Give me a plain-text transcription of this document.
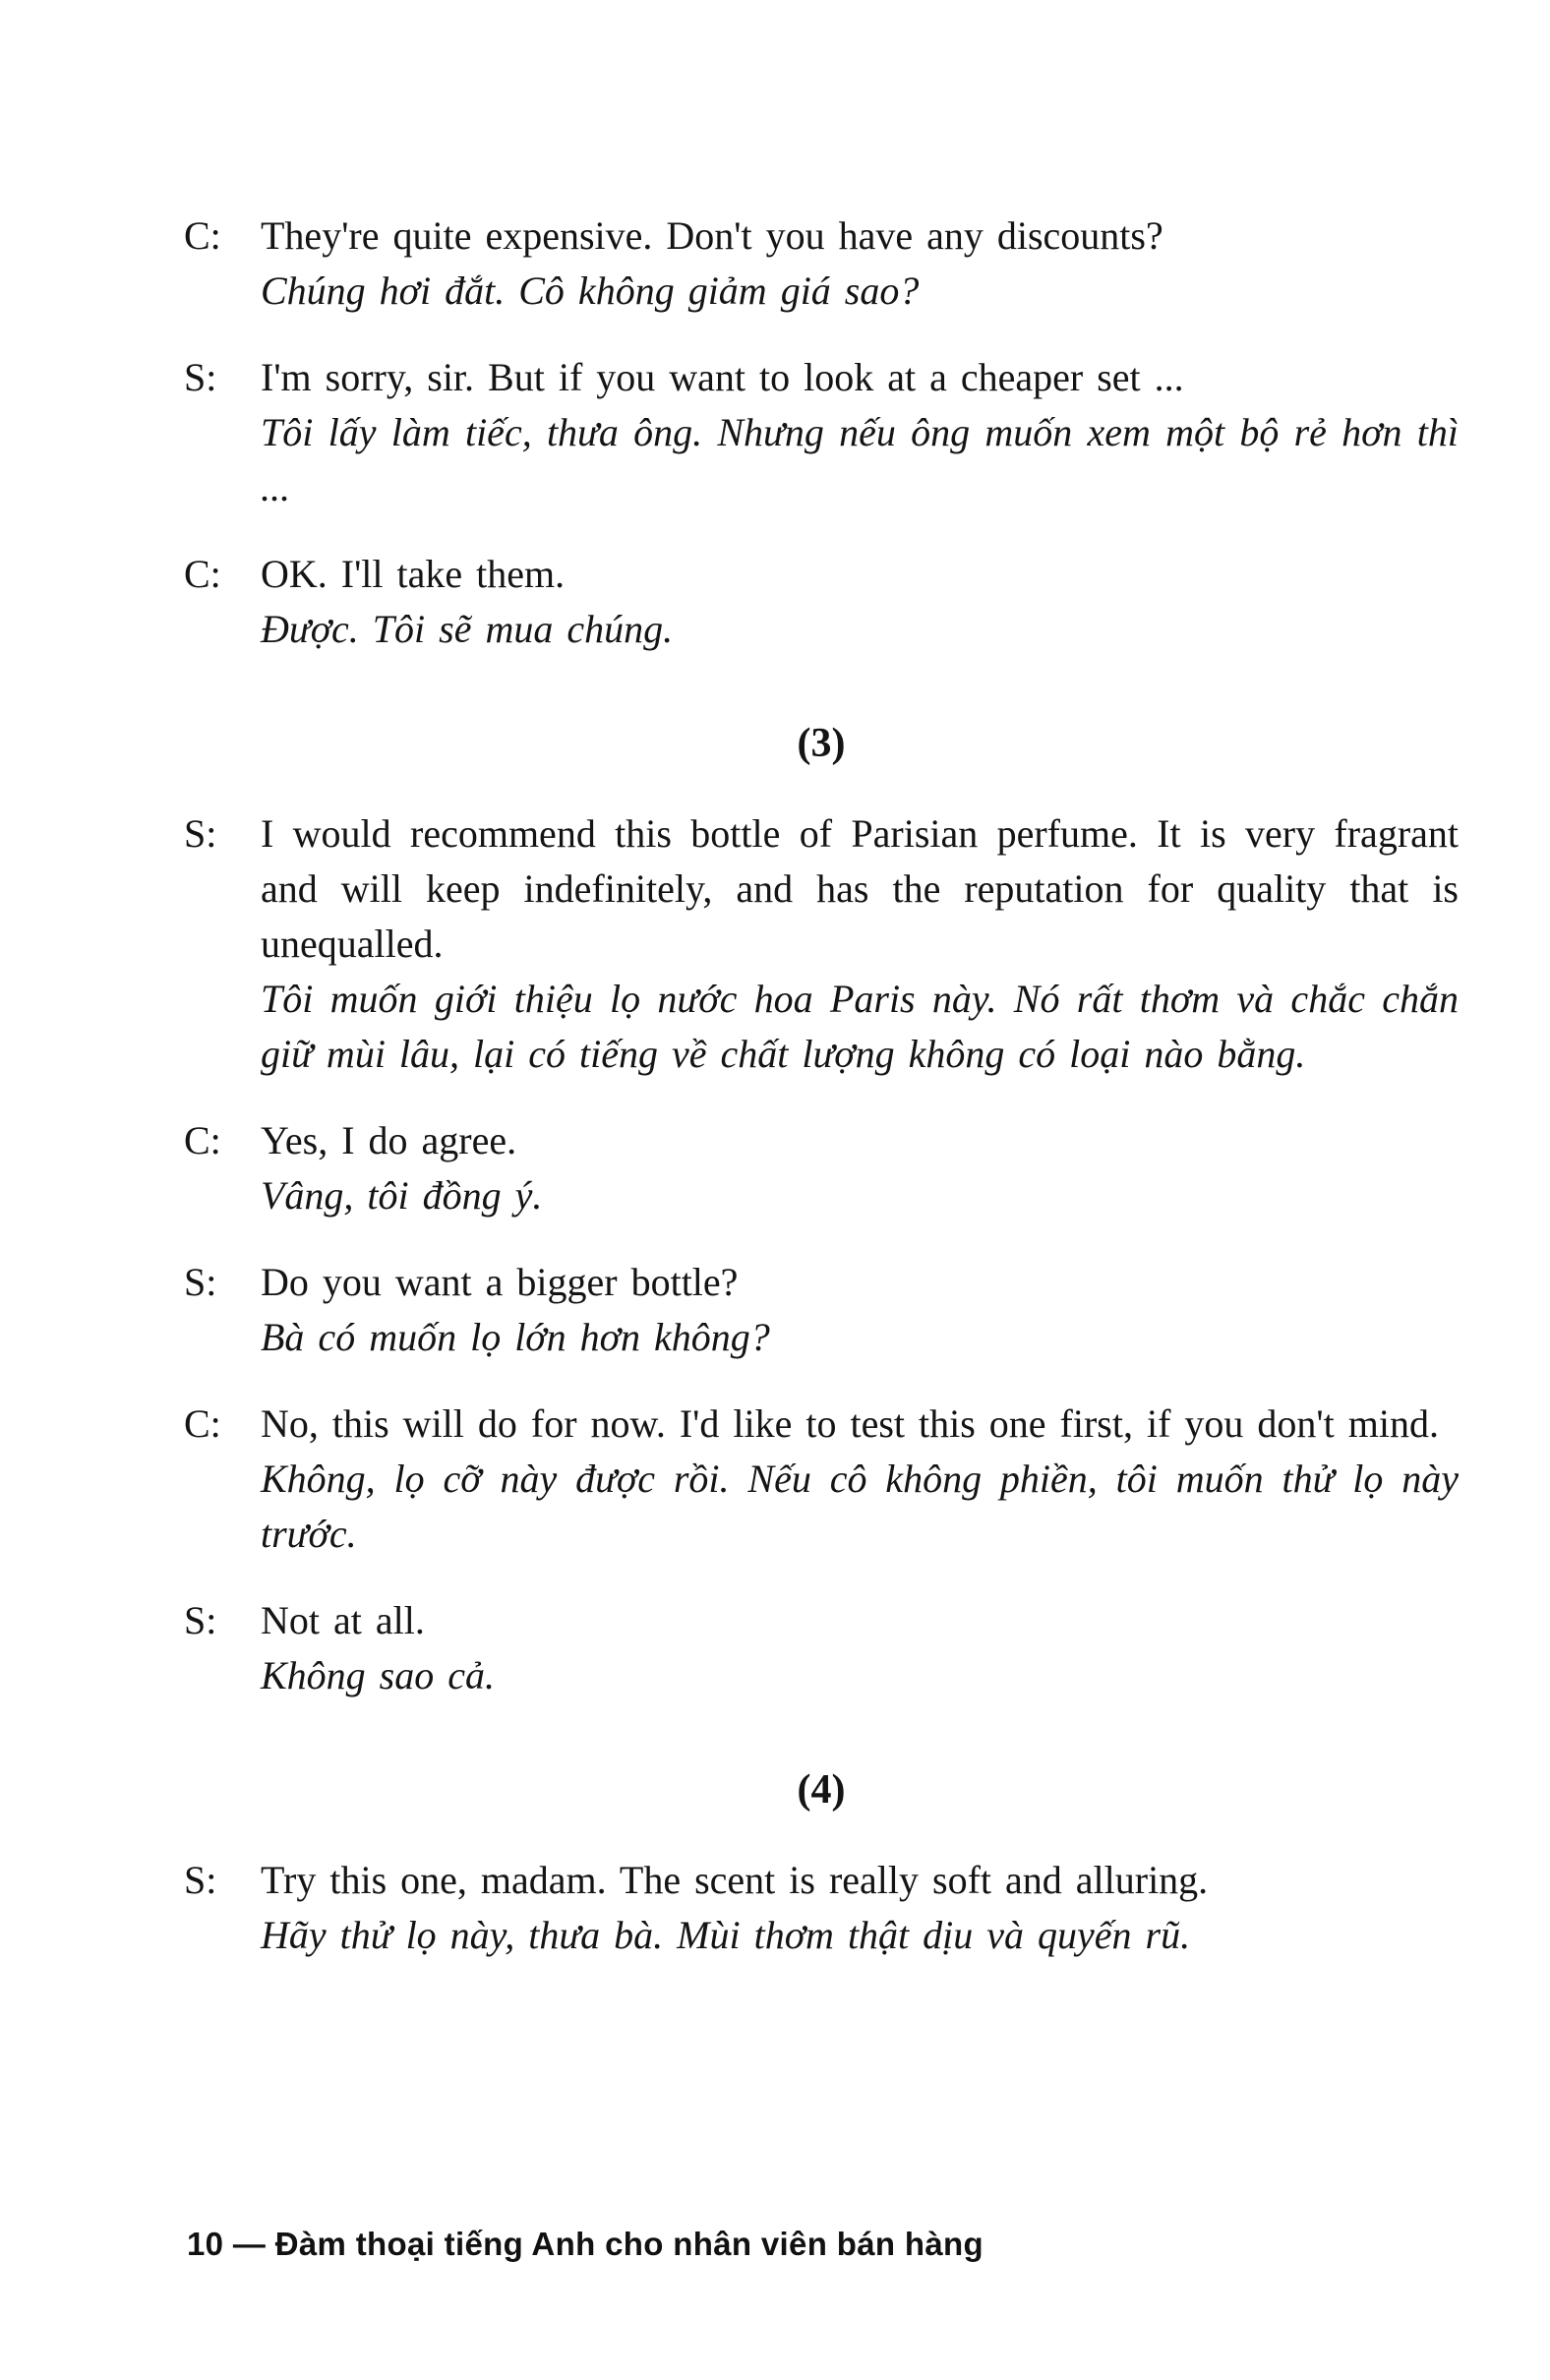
C:	They're quite expensive. Don't you have any discounts?

Chúng hơi đắt. Cô không giảm giá sao?

S:	I'm sorry, sir. But if you want to look at a cheaper set ...

Tôi lấy làm tiếc, thưa ông. Nhưng nếu ông muốn xem một bộ rẻ hơn thì ...

C:	OK. I'll take them.

Được. Tôi sẽ mua chúng.

(3)
S:	I would recommend this bottle of Parisian perfume. It is very fragrant and will keep indefinitely, and has the reputation for quality that is unequalled.

Tôi muốn giới thiệu lọ nước hoa Paris này. Nó rất thơm và chắc chắn giữ mùi lâu, lại có tiếng về chất lượng không có loại nào bằng.

C:	Yes, I do agree.

Vâng, tôi đồng ý.

S:	Do you want a bigger bottle?

Bà có muốn lọ lớn hơn không?

C:	No, this will do for now. I'd like to test this one first, if you don't mind.

Không, lọ cỡ này được rồi. Nếu cô không phiền, tôi muốn thử lọ này trước.

S:	Not at all.

Không sao cả.

(4)
S:	Try this one, madam. The scent is really soft and alluring.

Hãy thử lọ này, thưa bà. Mùi thơm thật dịu và quyến rũ.

10 — Đàm thoại tiếng Anh cho nhân viên bán hàng
